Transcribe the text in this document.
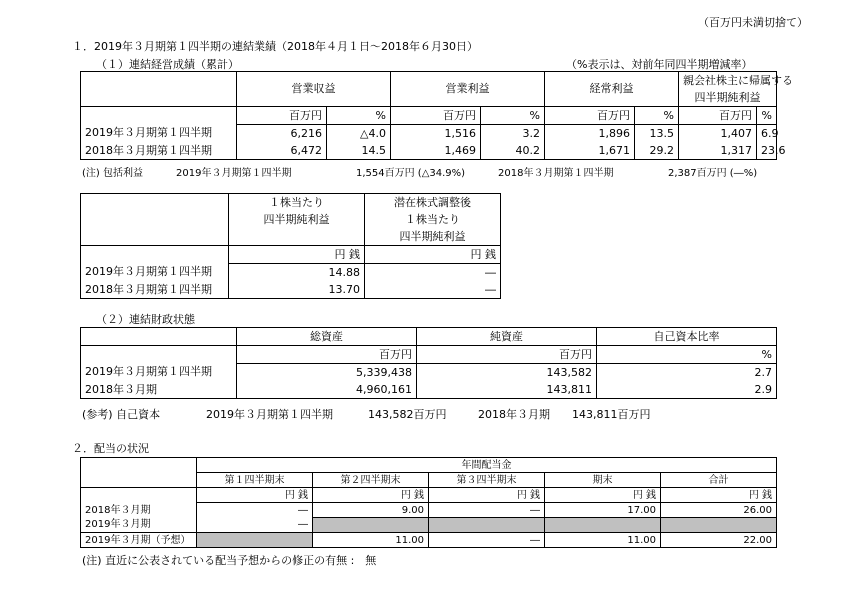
（百万円未満切捨て）
１．2019年３月期第１四半期の連結業績（2018年４月１日～2018年６月30日）
（１）連結経営成績（累計）	（%表示は、対前年同四半期増減率）
	営業収益		営業利益		経常利益		親会社株主に帰属する	
							四半期純利益	
	百万円	%	百万円	%	百万円	%	百万円	%
2019年３月期第１四半期	6,216	△4.0	1,516	3.2	1,896	13.5	1,407	6.9
2018年３月期第１四半期	6,472	14.5	1,469	40.2	1,671	29.2	1,317	23.6
(注) 包括利益	2019年３月期第１四半期	1,554百万円 (△34.9%)	2018年３月期第１四半期	2,387百万円 (―%)
	１株当たり	潜在株式調整後
	四半期純利益	１株当たり
		四半期純利益
	円 銭	円 銭
2019年３月期第１四半期	14.88	―
2018年３月期第１四半期	13.70	―
（２）連結財政状態
	総資産	純資産	自己資本比率
	百万円	百万円	%
2019年３月期第１四半期	5,339,438	143,582	2.7
2018年３月期	4,960,161	143,811	2.9
(参考) 自己資本	2019年３月期第１四半期	143,582百万円	2018年３月期 143,811百万円
２．配当の状況
	年間配当金				
	第１四半期末	第２四半期末	第３四半期末	期末	合計
	円 銭	円 銭	円 銭	円 銭	円 銭
2018年３月期	―	9.00	―	17.00	26.00
2019年３月期	―				
2019年３月期（予想）		11.00	―	11.00	22.00
(注) 直近に公表されている配当予想からの修正の有無 :　無
